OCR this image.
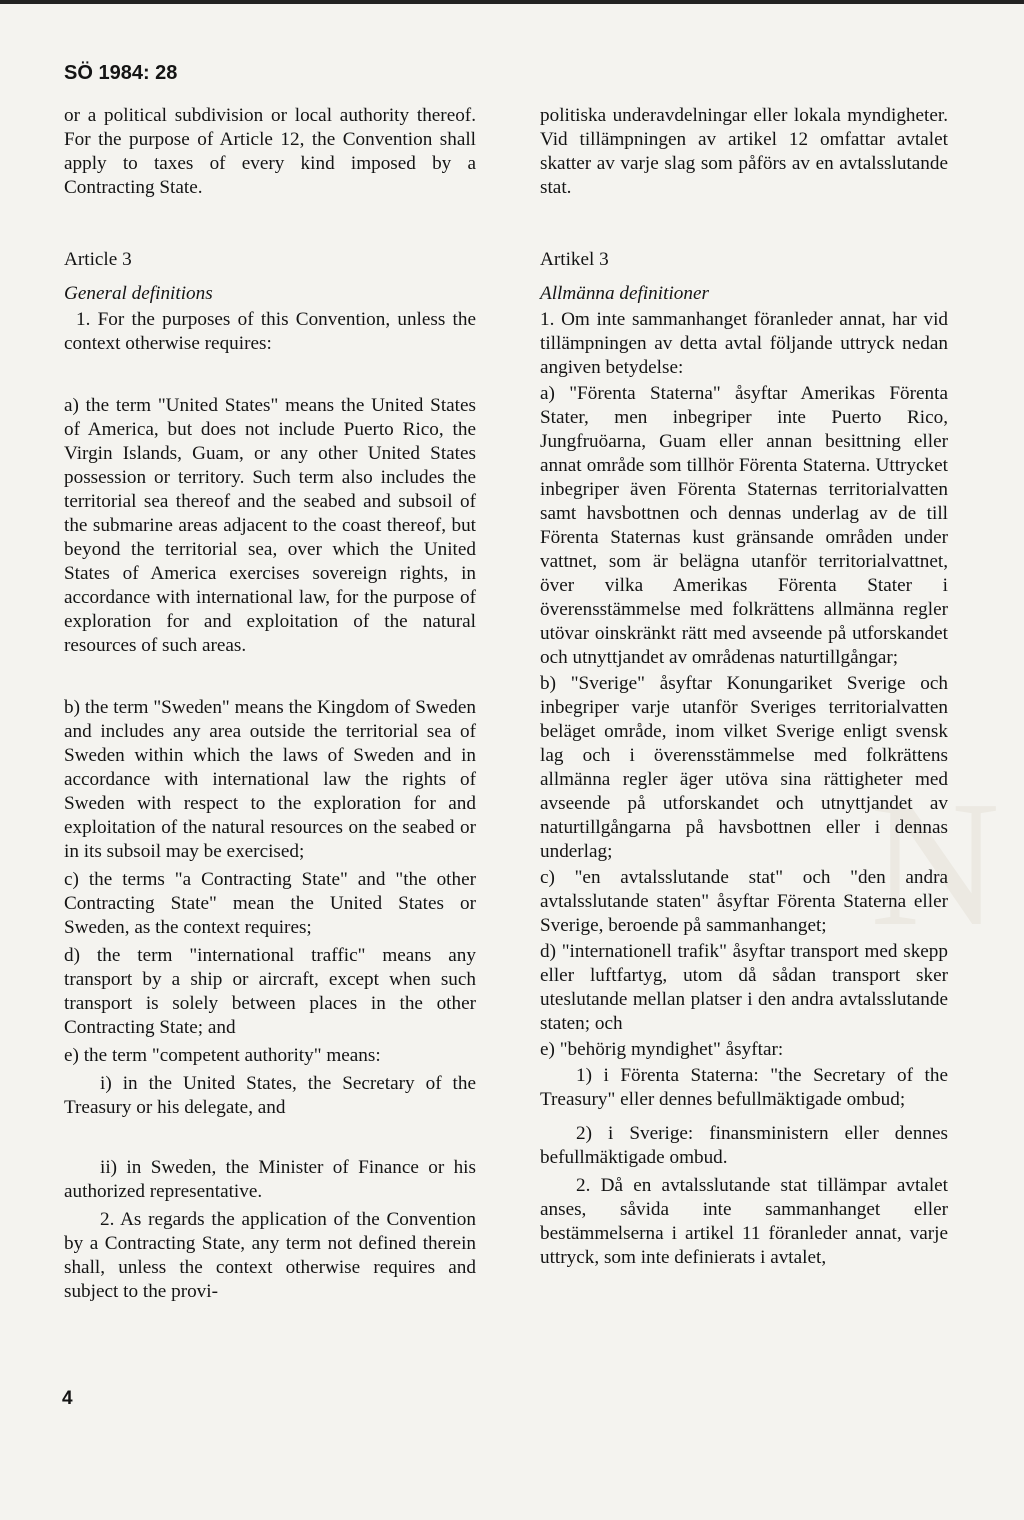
N
SÖ 1984: 28

or a political subdivision or local authority thereof. For the purpose of Article 12, the Convention shall apply to taxes of every kind imposed by a Contracting State.

Article 3
General definitions

1. For the purposes of this Convention, unless the context otherwise requires:

a) the term "United States" means the United States of America, but does not include Puerto Rico, the Virgin Islands, Guam, or any other United States possession or territory. Such term also includes the territorial sea thereof and the seabed and subsoil of the submarine areas adjacent to the coast thereof, but beyond the territorial sea, over which the United States of America exercises sovereign rights, in accordance with international law, for the purpose of exploration for and exploitation of the natural resources of such areas.

b) the term "Sweden" means the Kingdom of Sweden and includes any area outside the territorial sea of Sweden within which the laws of Sweden and in accordance with international law the rights of Sweden with respect to the exploration for and exploitation of the natural resources on the seabed or in its subsoil may be exercised;

c) the terms "a Contracting State" and "the other Contracting State" mean the United States or Sweden, as the context requires;

d) the term "international traffic" means any transport by a ship or aircraft, except when such transport is solely between places in the other Contracting State; and

e) the term "competent authority" means:

i) in the United States, the Secretary of the Treasury or his delegate, and

ii) in Sweden, the Minister of Finance or his authorized representative.

2. As regards the application of the Convention by a Contracting State, any term not defined therein shall, unless the context otherwise requires and subject to the provi-

politiska underavdelningar eller lokala myndigheter. Vid tillämpningen av artikel 12 omfattar avtalet skatter av varje slag som påförs av en avtalsslutande stat.

Artikel 3
Allmänna definitioner

1. Om inte sammanhanget föranleder annat, har vid tillämpningen av detta avtal följande uttryck nedan angiven betydelse:

a) "Förenta Staterna" åsyftar Amerikas Förenta Stater, men inbegriper inte Puerto Rico, Jungfruöarna, Guam eller annan besittning eller annat område som tillhör Förenta Staterna. Uttrycket inbegriper även Förenta Staternas territorialvatten samt havsbottnen och dennas underlag av de till Förenta Staternas kust gränsande områden under vattnet, som är belägna utanför territorialvattnet, över vilka Amerikas Förenta Stater i överensstämmelse med folkrättens allmänna regler utövar oinskränkt rätt med avseende på utforskandet och utnyttjandet av områdenas naturtillgångar;

b) "Sverige" åsyftar Konungariket Sverige och inbegriper varje utanför Sveriges territorialvatten beläget område, inom vilket Sverige enligt svensk lag och i överensstämmelse med folkrättens allmänna regler äger utöva sina rättigheter med avseende på utforskandet och utnyttjandet av naturtillgångarna på havsbottnen eller i dennas underlag;

c) "en avtalsslutande stat" och "den andra avtalsslutande staten" åsyftar Förenta Staterna eller Sverige, beroende på sammanhanget;

d) "internationell trafik" åsyftar transport med skepp eller luftfartyg, utom då sådan transport sker uteslutande mellan platser i den andra avtalsslutande staten; och

e) "behörig myndighet" åsyftar:

1) i Förenta Staterna: "the Secretary of the Treasury" eller dennes befullmäktigade ombud;

2) i Sverige: finansministern eller dennes befullmäktigade ombud.

2. Då en avtalsslutande stat tillämpar avtalet anses, såvida inte sammanhanget eller bestämmelserna i artikel 11 föranleder annat, varje uttryck, som inte definierats i avtalet,

4
